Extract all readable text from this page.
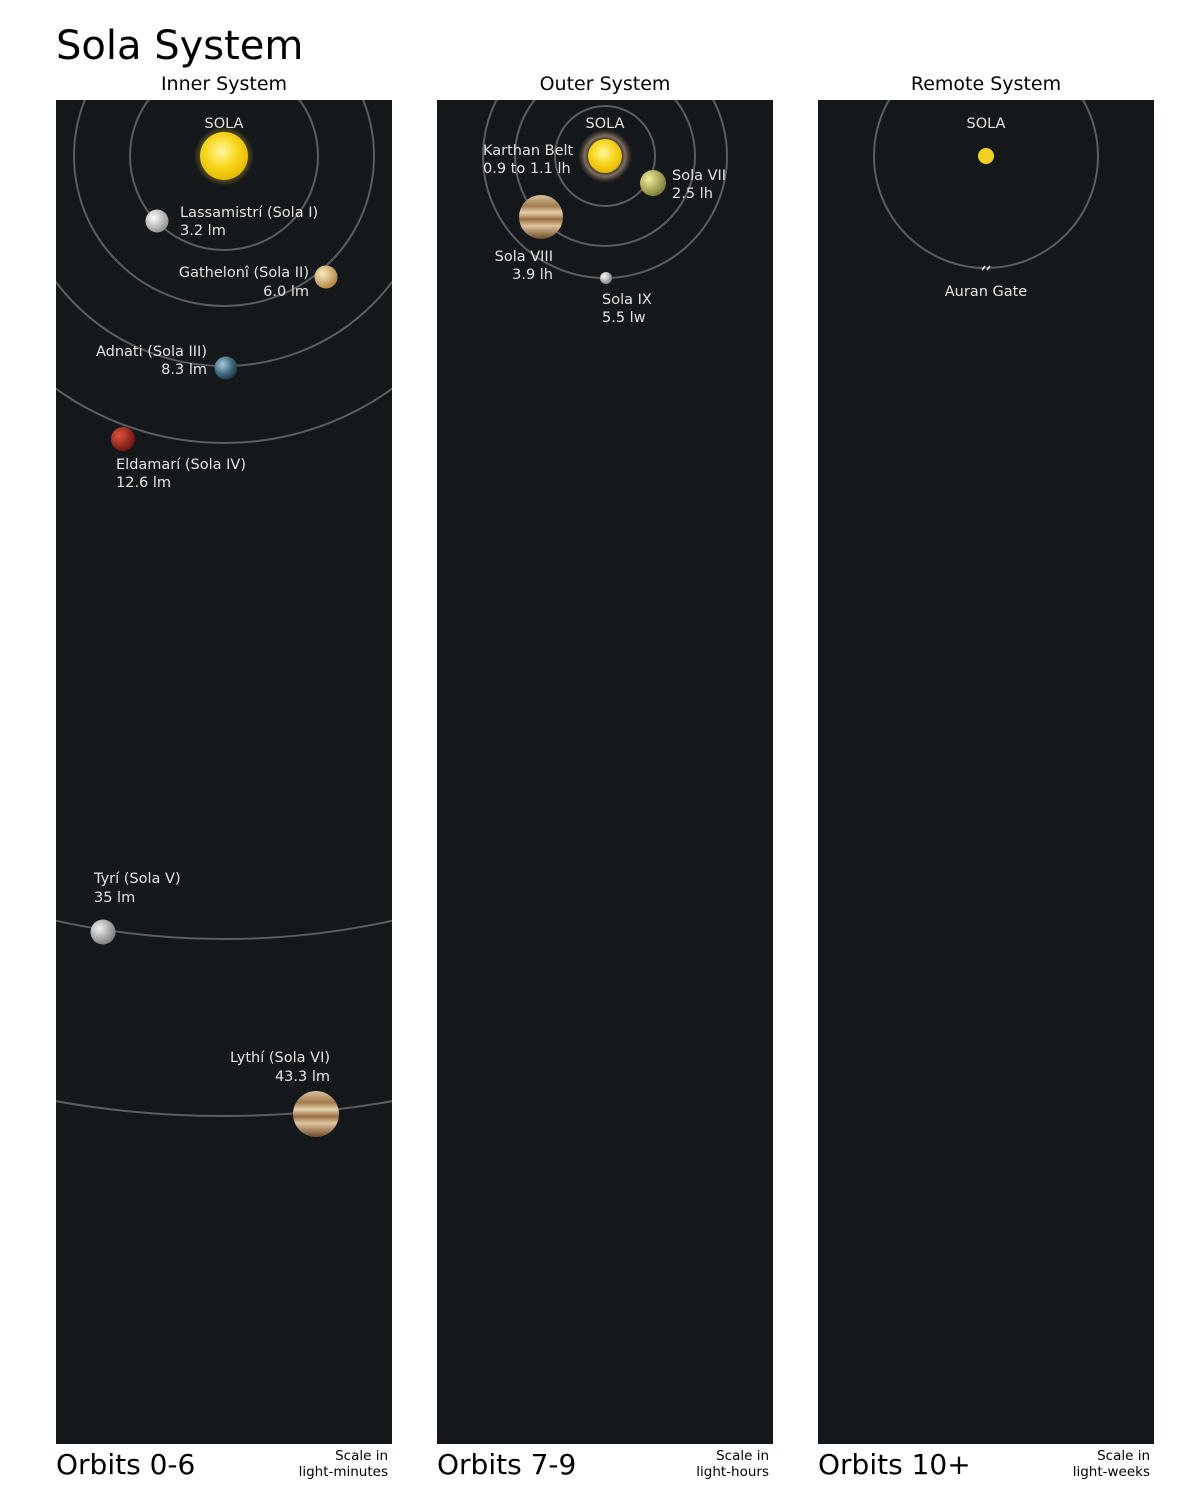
Sola System
Inner System
SOLA
Lassamistrí (Sola I)
3.2 lm
Gathelonî (Sola II)
6.0 lm
Adnati (Sola III)
8.3 lm
Eldamarí (Sola IV)
12.6 lm
Tyrí (Sola V)
35 lm
Lythí (Sola VI)
43.3 lm
Orbits 0-6	Scale in
light-minutes
Outer System
SOLA
Karthan Belt
0.9 to 1.1 lh	Sola VII
2.5 lh
Sola VIII
3.9 lh
Sola IX
5.5 lw
Orbits 7-9	Scale in
light-hours
Remote System
SOLA
Auran Gate
Orbits 10+	Scale in
light-weeks
